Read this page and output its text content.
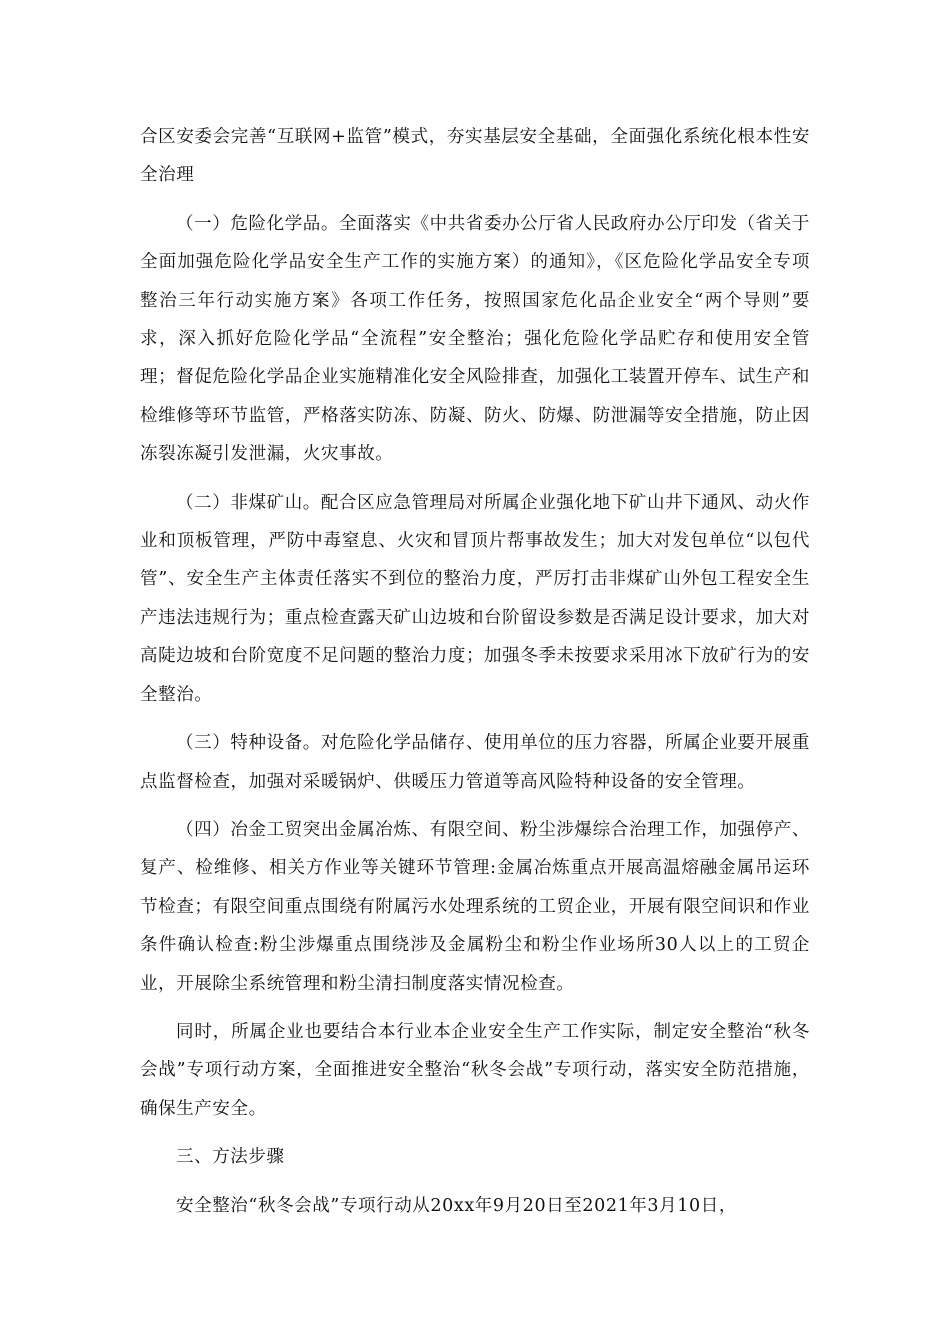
合区安委会完善“互联网+监管”模式，夯实基层安全基础，全面强化系统化根本性安全治理

（一）危险化学品。全面落实《中共省委办公厅省人民政府办公厅印发（省关于全面加强危险化学品安全生产工作的实施方案）的通知》，《区危险化学品安全专项整治三年行动实施方案》各项工作任务，按照国家危化品企业安全“两个导则”要求，深入抓好危险化学品“全流程”安全整治；强化危险化学品贮存和使用安全管理；督促危险化学品企业实施精准化安全风险排查，加强化工装置开停车、试生产和检维修等环节监管，严格落实防冻、防凝、防火、防爆、防泄漏等安全措施，防止因冻裂冻凝引发泄漏，火灾事故。

（二）非煤矿山。配合区应急管理局对所属企业强化地下矿山井下通风、动火作业和顶板管理，严防中毒窒息、火灾和冒顶片帮事故发生；加大对发包单位“以包代管”、安全生产主体责任落实不到位的整治力度，严厉打击非煤矿山外包工程安全生产违法违规行为；重点检查露天矿山边坡和台阶留设参数是否满足设计要求，加大对高陡边坡和台阶宽度不足问题的整治力度；加强冬季未按要求采用冰下放矿行为的安全整治。

（三）特种设备。对危险化学品储存、使用单位的压力容器，所属企业要开展重点监督检查，加强对采暖锅炉、供暖压力管道等高风险特种设备的安全管理。

（四）冶金工贸突出金属冶炼、有限空间、粉尘涉爆综合治理工作，加强停产、复产、检维修、相关方作业等关键环节管理:金属冶炼重点开展高温熔融金属吊运环节检查；有限空间重点围绕有附属污水处理系统的工贸企业，开展有限空间识和作业条件确认检查:粉尘涉爆重点围绕涉及金属粉尘和粉尘作业场所30人以上的工贸企业，开展除尘系统管理和粉尘清扫制度落实情况检查。

同时，所属企业也要结合本行业本企业安全生产工作实际，制定安全整治“秋冬会战”专项行动方案，全面推进安全整治“秋冬会战”专项行动，落实安全防范措施，确保生产安全。

三、方法步骤

安全整治“秋冬会战”专项行动从20xx年9月20日至2021年3月10日，
